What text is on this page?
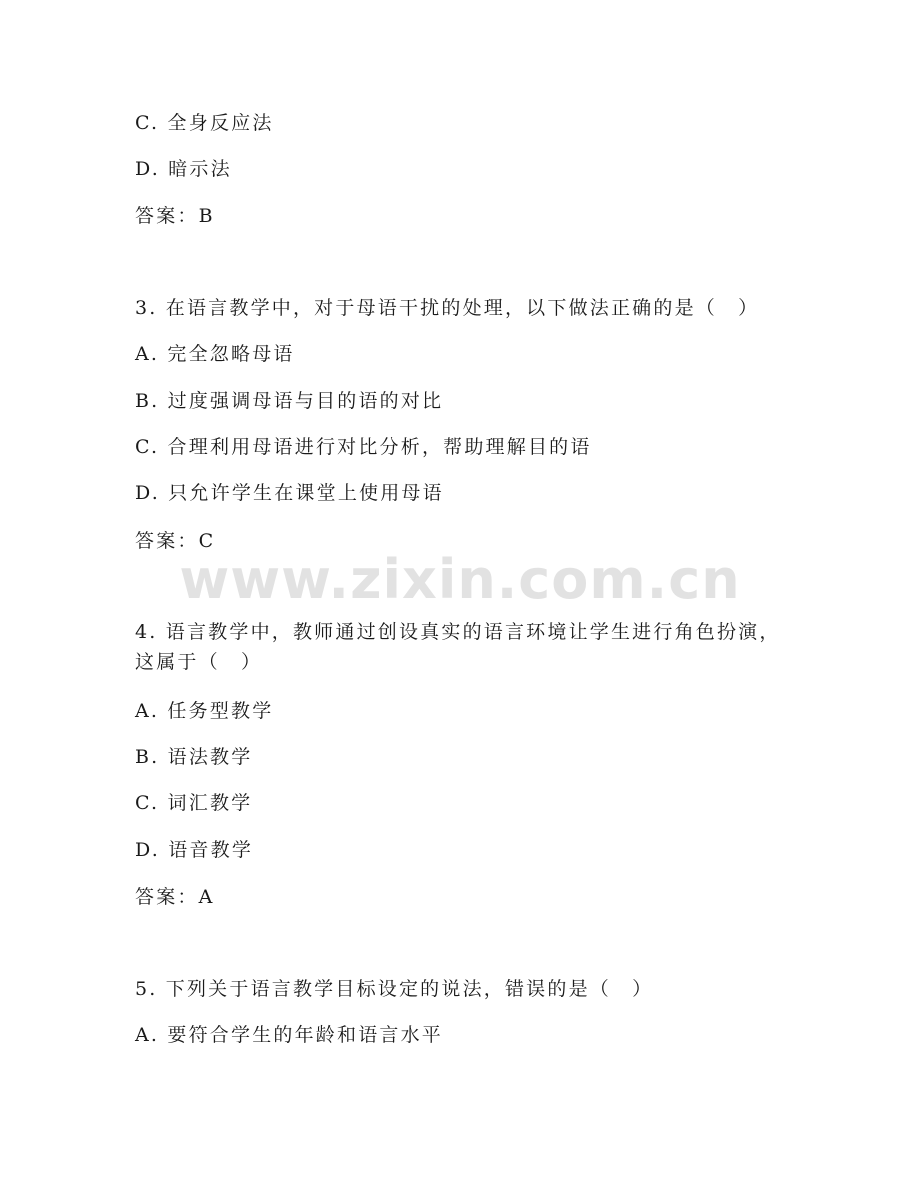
C. 全身反应法
D. 暗示法
答案：B
3. 在语言教学中，对于母语干扰的处理，以下做法正确的是（　）
A. 完全忽略母语
B. 过度强调母语与目的语的对比
C. 合理利用母语进行对比分析，帮助理解目的语
D. 只允许学生在课堂上使用母语
答案：C
4. 语言教学中，教师通过创设真实的语言环境让学生进行角色扮演，
这属于（　）
A. 任务型教学
B. 语法教学
C. 词汇教学
D. 语音教学
答案：A
5. 下列关于语言教学目标设定的说法，错误的是（　）
A. 要符合学生的年龄和语言水平
www.zixin.com.cn
